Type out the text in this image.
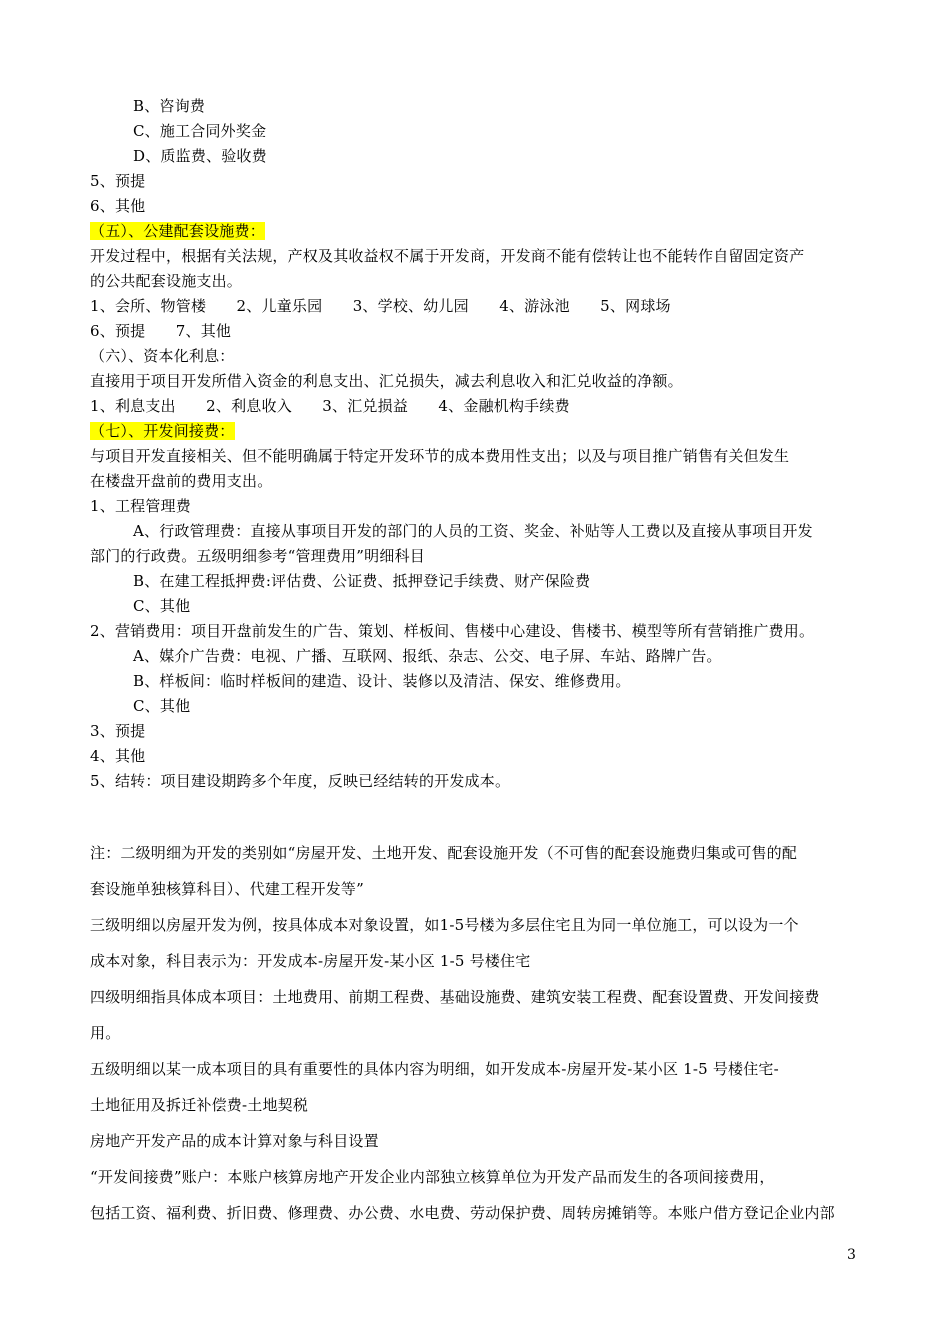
B、咨询费
C、施工合同外奖金
D、质监费、验收费
5、预提
6、其他
（五）、公建配套设施费：
开发过程中，根据有关法规，产权及其收益权不属于开发商，开发商不能有偿转让也不能转作自留固定资产
的公共配套设施支出。
1、会所、物管楼　　2、儿童乐园　　3、学校、幼儿园　　4、游泳池　　5、网球场
6、预提　　7、其他
（六）、资本化利息：
直接用于项目开发所借入资金的利息支出、汇兑损失，减去利息收入和汇兑收益的净额。
1、利息支出　　2、利息收入　　3、汇兑损益　　4、金融机构手续费
（七）、开发间接费：
与项目开发直接相关、但不能明确属于特定开发环节的成本费用性支出；以及与项目推广销售有关但发生
在楼盘开盘前的费用支出。
1、工程管理费
A、行政管理费：直接从事项目开发的部门的人员的工资、奖金、补贴等人工费以及直接从事项目开发
部门的行政费。五级明细参考“管理费用”明细科目
B、在建工程抵押费:评估费、公证费、抵押登记手续费、财产保险费
C、其他
2、营销费用：项目开盘前发生的广告、策划、样板间、售楼中心建设、售楼书、模型等所有营销推广费用。
A、媒介广告费：电视、广播、互联网、报纸、杂志、公交、电子屏、车站、路牌广告。
B、样板间：临时样板间的建造、设计、装修以及清洁、保安、维修费用。
C、其他
3、预提
4、其他
5、结转：项目建设期跨多个年度，反映已经结转的开发成本。
注：二级明细为开发的类别如“房屋开发、土地开发、配套设施开发（不可售的配套设施费归集或可售的配
套设施单独核算科目）、代建工程开发等”
三级明细以房屋开发为例，按具体成本对象设置，如1-5号楼为多层住宅且为同一单位施工，可以设为一个
成本对象，科目表示为：开发成本-房屋开发-某小区 1-5 号楼住宅
四级明细指具体成本项目：土地费用、前期工程费、基础设施费、建筑安装工程费、配套设置费、开发间接费
用。
五级明细以某一成本项目的具有重要性的具体内容为明细，如开发成本-房屋开发-某小区 1-5 号楼住宅-
土地征用及拆迁补偿费-土地契税
房地产开发产品的成本计算对象与科目设置
“开发间接费”账户：本账户核算房地产开发企业内部独立核算单位为开发产品而发生的各项间接费用，
包括工资、福利费、折旧费、修理费、办公费、水电费、劳动保护费、周转房摊销等。本账户借方登记企业内部
3
